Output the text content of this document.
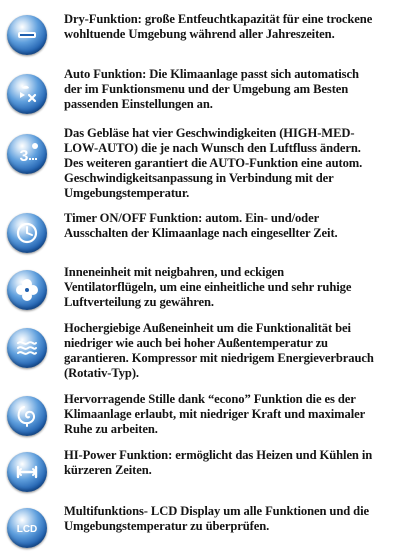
Dry-Funktion: große Entfeuchtkapazität für eine trockene
wohltuende Umgebung während aller Jahreszeiten.
Auto Funktion: Die Klimaanlage passt sich automatisch
der im Funktionsmenu und der Umgebung am Besten
passenden Einstellungen an.
3
Das Gebläse hat vier Geschwindigkeiten (HIGH-MED-
LOW-AUTO) die je nach Wunsch den Luftfluss ändern.
Des weiteren garantiert die AUTO-Funktion eine autom.
Geschwindigkeitsanpassung in Verbindung mit der
Umgebungstemperatur.
Timer ON/OFF Funktion: autom. Ein- und/oder
Ausschalten der Klimaanlage nach eingesellter Zeit.
Inneneinheit mit neigbahren, und eckigen
Ventilatorflügeln, um eine einheitliche und sehr ruhige
Luftverteilung zu gewähren.
Hochergiebige Außeneinheit um die Funktionalität bei
niedriger wie auch bei hoher Außentemperatur zu
garantieren. Kompressor mit niedrigem Energieverbrauch
(Rotativ-Typ).
Hervorragende Stille dank “econo” Funktion die es der
Klimaanlage erlaubt, mit niedriger Kraft und maximaler
Ruhe zu arbeiten.
HI-Power Funktion: ermöglicht das Heizen und Kühlen in
kürzeren Zeiten.
LCD
Multifunktions- LCD Display um alle Funktionen und die
Umgebungstemperatur zu überprüfen.
